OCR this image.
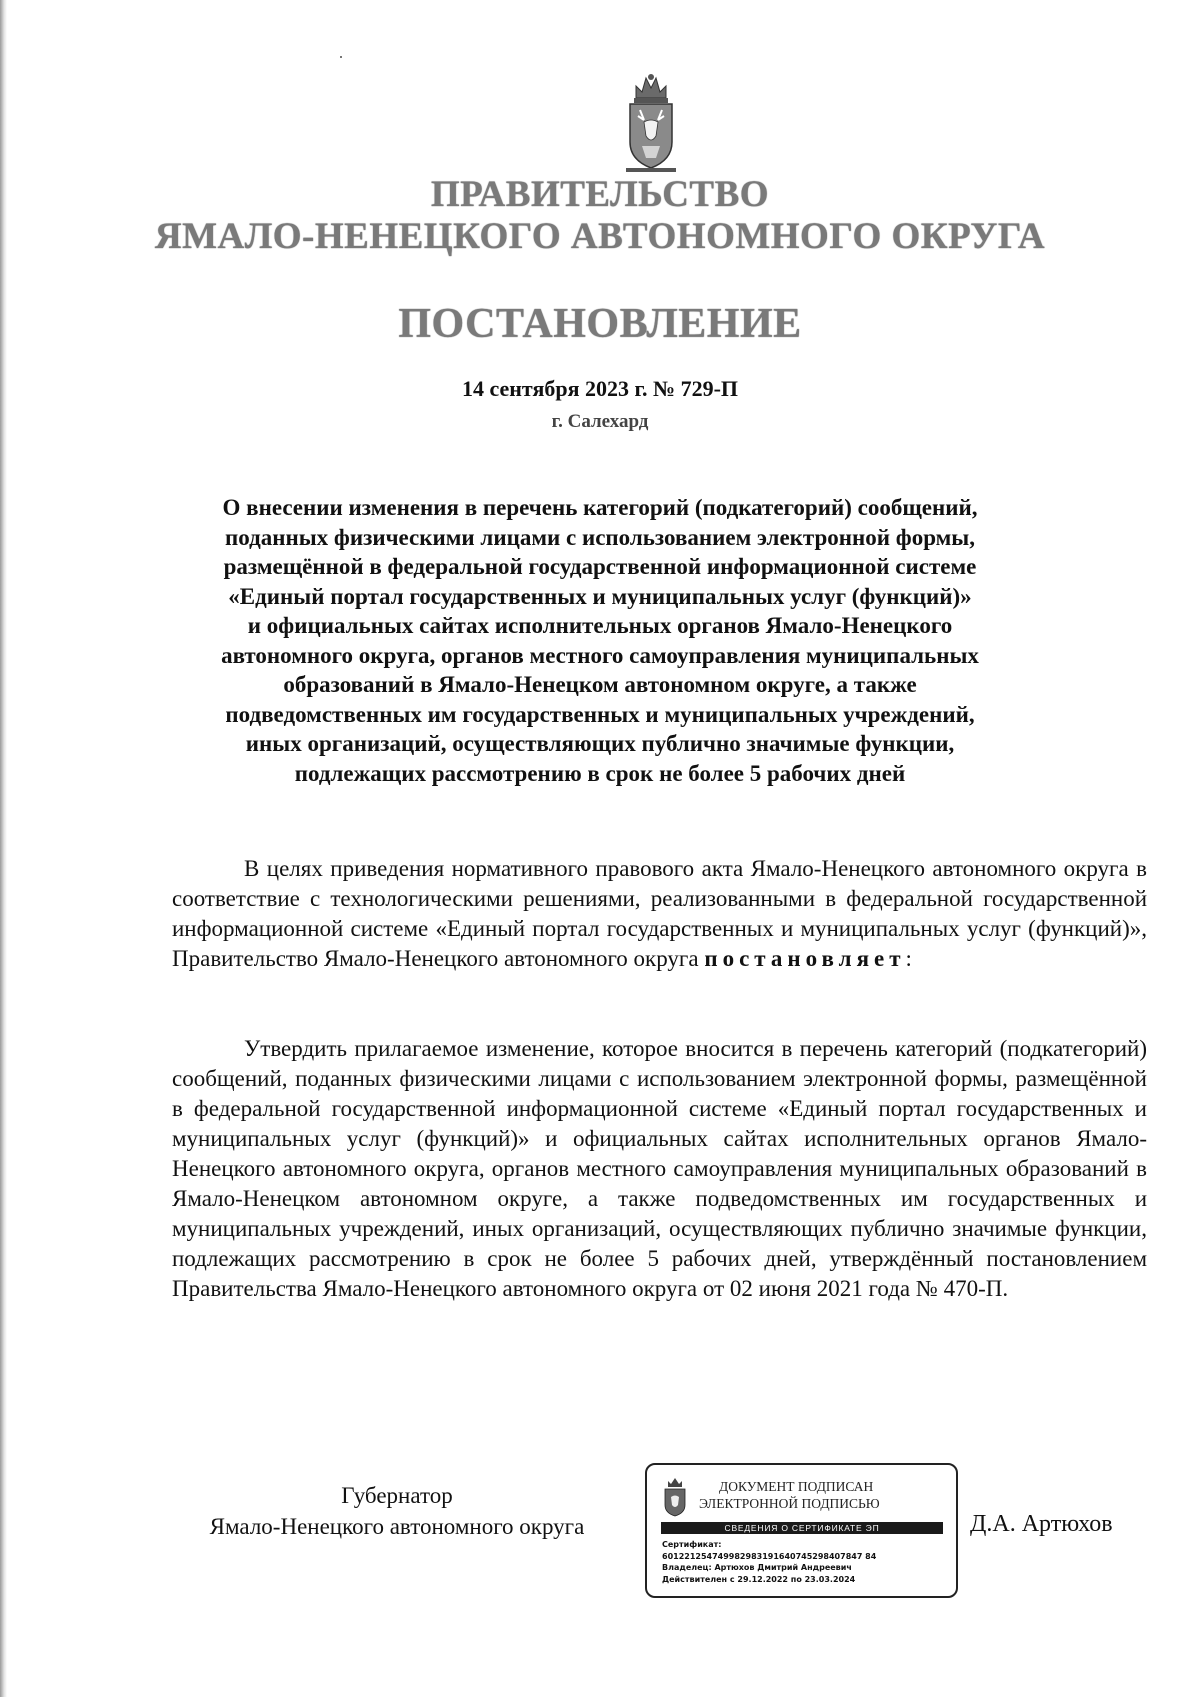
ПРАВИТЕЛЬСТВО
ЯМАЛО-НЕНЕЦКОГО АВТОНОМНОГО ОКРУГА
ПОСТАНОВЛЕНИЕ
14 сентября 2023 г. № 729-П
г. Салехард
О внесении изменения в перечень категорий (подкатегорий) сообщений,
поданных физическими лицами с использованием электронной формы,
размещённой в федеральной государственной информационной системе
«Единый портал государственных и муниципальных услуг (функций)»
и официальных сайтах исполнительных органов Ямало-Ненецкого
автономного округа, органов местного самоуправления муниципальных
образований в Ямало-Ненецком автономном округе, а также
подведомственных им государственных и муниципальных учреждений,
иных организаций, осуществляющих публично значимые функции,
подлежащих рассмотрению в срок не более 5 рабочих дней
В целях приведения нормативного правового акта Ямало-Ненецкого автономного округа в соответствие с технологическими решениями, реализованными в федеральной государственной информационной системе «Единый портал государственных и муниципальных услуг (функций)», Правительство Ямало-Ненецкого автономного округа постановляет:
Утвердить прилагаемое изменение, которое вносится в перечень категорий (подкатегорий) сообщений, поданных физическими лицами с использованием электронной формы, размещённой в федеральной государственной информационной системе «Единый портал государственных и муниципальных услуг (функций)» и официальных сайтах исполнительных органов Ямало-Ненецкого автономного округа, органов местного самоуправления муниципальных образований в Ямало-Ненецком автономном округе, а также подведомственных им государственных и муниципальных учреждений, иных организаций, осуществляющих публично значимые функции, подлежащих рассмотрению в срок не более 5 рабочих дней, утверждённый постановлением Правительства Ямало-Ненецкого автономного округа от 02 июня 2021 года № 470-П.
Губернатор
Ямало-Ненецкого автономного округа
ДОКУМЕНТ ПОДПИСАН
ЭЛЕКТРОННОЙ ПОДПИСЬЮ
СВЕДЕНИЯ О СЕРТИФИКАТЕ ЭП
Сертификат:
601221254749982983191640745298407847 84
Владелец: Артюхов Дмитрий Андреевич
Действителен с 29.12.2022 по 23.03.2024
Д.А. Артюхов
